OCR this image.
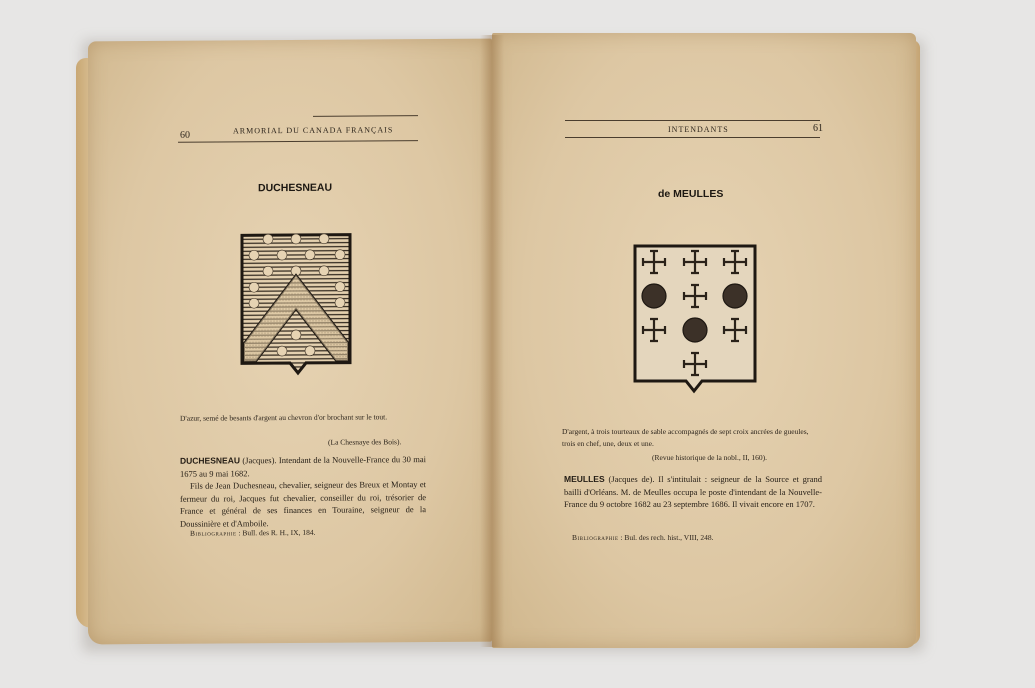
60	ARMORIAL DU CANADA FRANÇAIS
DUCHESNEAU
D'azur, semé de besants d'argent au chevron d'or brochant sur le tout.
(La Chesnaye des Bois).
DUCHESNEAU (Jacques). Intendant de la Nouvelle-France du 30 mai 1675 au 9 mai 1682.
Fils de Jean Duchesneau, chevalier, seigneur des Breux et Montay et fermeur du roi, Jacques fut chevalier, conseiller du roi, trésorier de France et général de ses finances en Touraine, seigneur de la Doussinière et d'Amboile.
Bibliographie : Bull. des R. H., IX, 184.
INTENDANTS	61
de MEULLES
D'argent, à trois tourteaux de sable accompagnés de sept croix ancrées de gueules, trois en chef, une, deux et une.
(Revue historique de la nobl., II, 160).
MEULLES (Jacques de). Il s'intitulait : seigneur de la Source et grand bailli d'Orléans. M. de Meulles occupa le poste d'intendant de la Nouvelle-France du 9 octobre 1682 au 23 septembre 1686. Il vivait encore en 1707.
Bibliographie : Bul. des rech. hist., VIII, 248.
